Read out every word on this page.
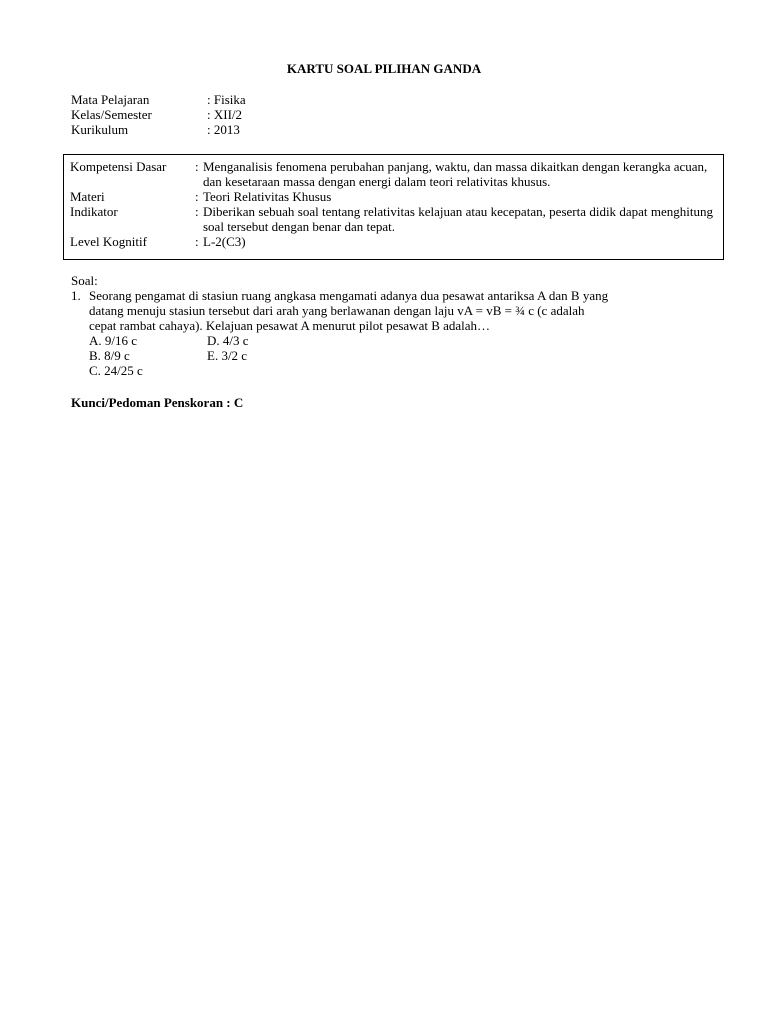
KARTU SOAL PILIHAN GANDA
Mata Pelajaran	: Fisika
Kelas/Semester	: XII/2
Kurikulum	: 2013
Kompetensi Dasar	: Menganalisis fenomena perubahan panjang, waktu, dan massa dikaitkan dengan kerangka acuan, dan kesetaraan massa dengan energi dalam teori relativitas khusus.
Materi	: Teori Relativitas Khusus
Indikator	: Diberikan sebuah soal tentang relativitas kelajuan atau kecepatan, peserta didik dapat menghitung soal tersebut dengan benar dan tepat.
Level Kognitif	: L-2(C3)
Soal:
1. Seorang pengamat di stasiun ruang angkasa mengamati adanya dua pesawat antariksa A dan B yang
datang menuju stasiun tersebut dari arah yang berlawanan dengan laju vA = vB = ¾ c (c adalah
cepat rambat cahaya). Kelajuan pesawat A menurut pilot pesawat B adalah…
A. 9/16 c	D. 4/3 c
B. 8/9 c	E. 3/2 c
C. 24/25 c
Kunci/Pedoman Penskoran : C
